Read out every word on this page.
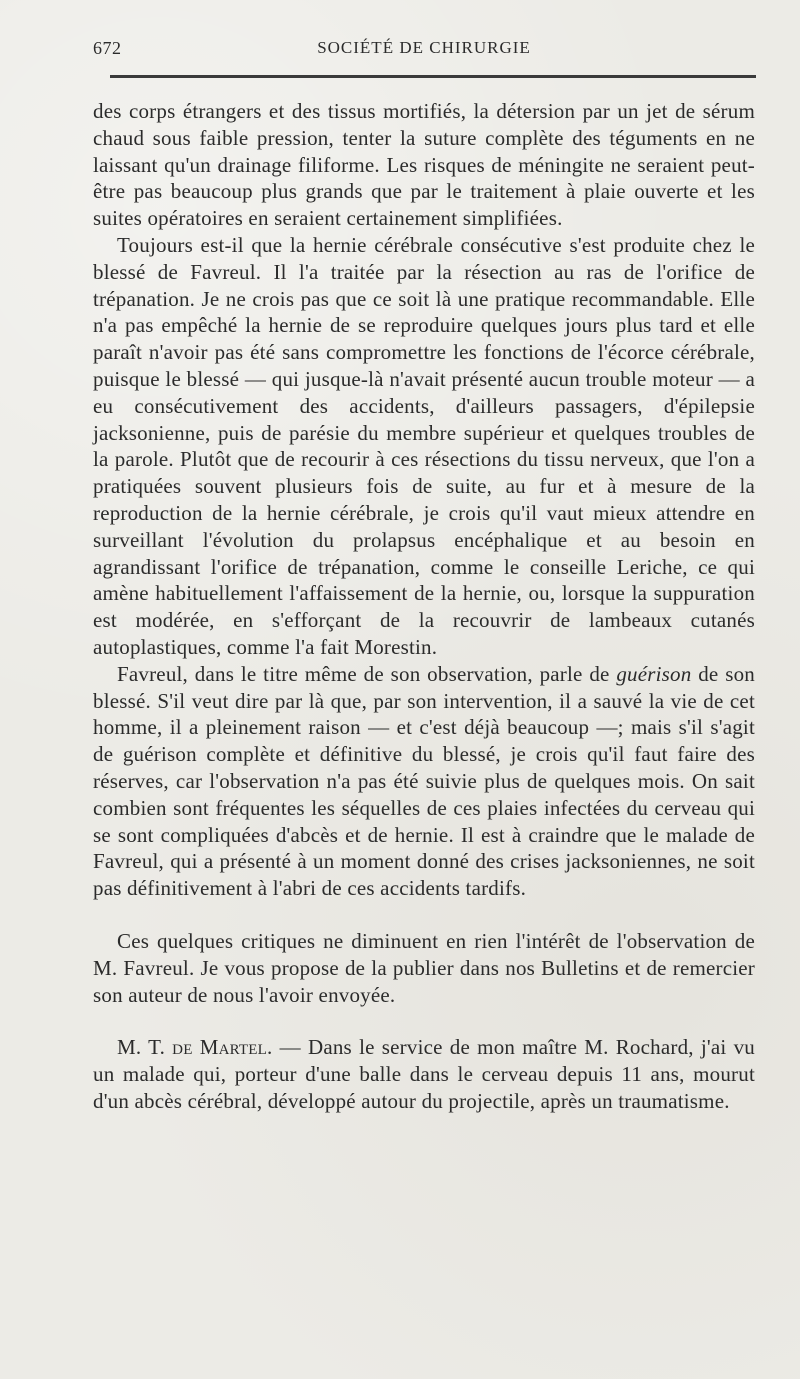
672	SOCIÉTÉ DE CHIRURGIE

des corps étrangers et des tissus mortifiés, la détersion par un jet de sérum chaud sous faible pression, tenter la suture complète des téguments en ne laissant qu'un drainage filiforme. Les risques de méningite ne seraient peut-être pas beaucoup plus grands que par le traitement à plaie ouverte et les suites opératoires en seraient certainement simplifiées.

Toujours est-il que la hernie cérébrale consécutive s'est produite chez le blessé de Favreul. Il l'a traitée par la résection au ras de l'orifice de trépanation. Je ne crois pas que ce soit là une pratique recommandable. Elle n'a pas empêché la hernie de se reproduire quelques jours plus tard et elle paraît n'avoir pas été sans compromettre les fonctions de l'écorce cérébrale, puisque le blessé — qui jusque-là n'avait présenté aucun trouble moteur — a eu consécutivement des accidents, d'ailleurs passagers, d'épilepsie jacksonienne, puis de parésie du membre supérieur et quelques troubles de la parole. Plutôt que de recourir à ces résections du tissu nerveux, que l'on a pratiquées souvent plusieurs fois de suite, au fur et à mesure de la reproduction de la hernie cérébrale, je crois qu'il vaut mieux attendre en surveillant l'évolution du prolapsus encéphalique et au besoin en agrandissant l'orifice de trépanation, comme le conseille Leriche, ce qui amène habituellement l'affaissement de la hernie, ou, lorsque la suppuration est modérée, en s'efforçant de la recouvrir de lambeaux cutanés autoplastiques, comme l'a fait Morestin.

Favreul, dans le titre même de son observation, parle de guérison de son blessé. S'il veut dire par là que, par son intervention, il a sauvé la vie de cet homme, il a pleinement raison — et c'est déjà beaucoup —; mais s'il s'agit de guérison complète et définitive du blessé, je crois qu'il faut faire des réserves, car l'observation n'a pas été suivie plus de quelques mois. On sait combien sont fréquentes les séquelles de ces plaies infectées du cerveau qui se sont compliquées d'abcès et de hernie. Il est à craindre que le malade de Favreul, qui a présenté à un moment donné des crises jacksoniennes, ne soit pas définitivement à l'abri de ces accidents tardifs.

Ces quelques critiques ne diminuent en rien l'intérêt de l'observation de M. Favreul. Je vous propose de la publier dans nos Bulletins et de remercier son auteur de nous l'avoir envoyée.

M. T. de Martel. — Dans le service de mon maître M. Rochard, j'ai vu un malade qui, porteur d'une balle dans le cerveau depuis 11 ans, mourut d'un abcès cérébral, développé autour du projectile, après un traumatisme.
